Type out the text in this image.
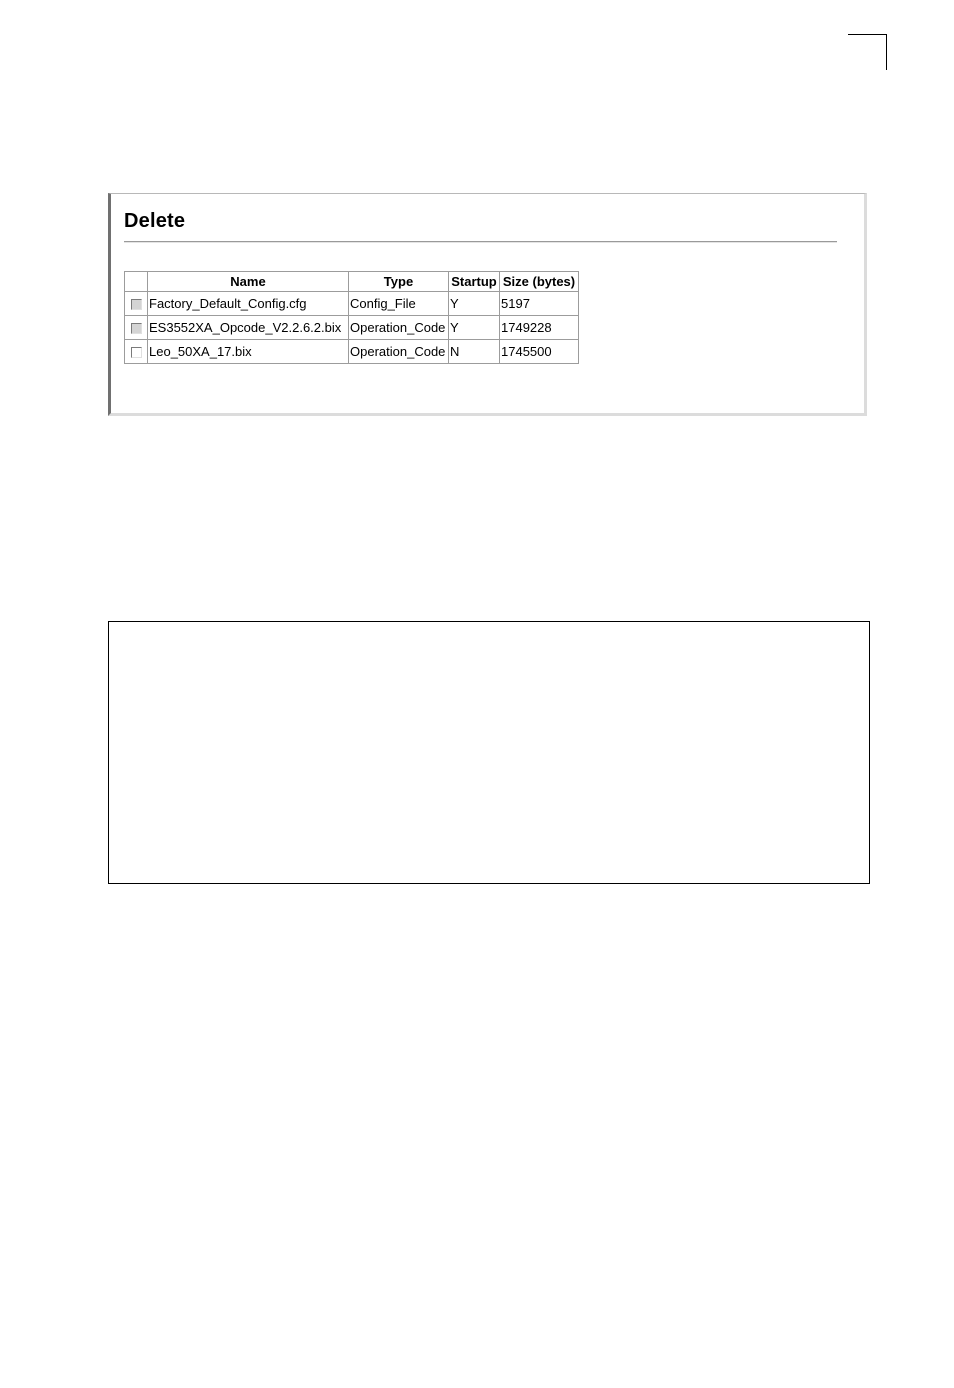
Delete
	Name	Type	Startup	Size (bytes)
	Factory_Default_Config.cfg	Config_File	Y	5197
	ES3552XA_Opcode_V2.2.6.2.bix	Operation_Code	Y	1749228
	Leo_50XA_17.bix	Operation_Code	N	1745500
